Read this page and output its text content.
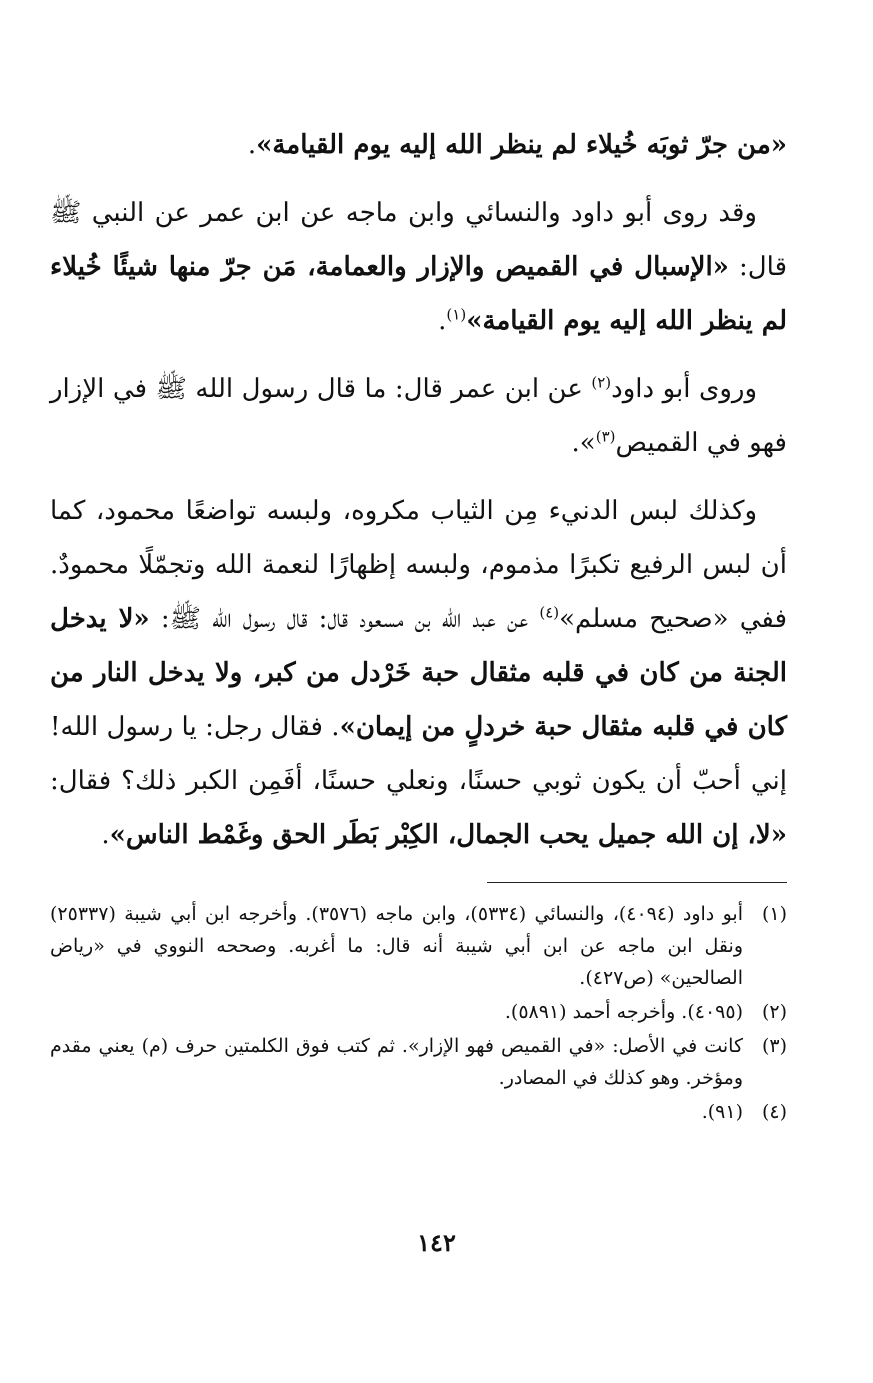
«من جرّ ثوبَه خُيلاء لم ينظر الله إليه يوم القيامة».

وقد روى أبو داود والنسائي وابن ماجه عن ابن عمر عن النبي ﷺ قال: «الإسبال في القميص والإزار والعمامة، مَن جرّ منها شيئًا خُيلاء لم ينظر الله إليه يوم القيامة»$^{(١)}$.

وروى أبو داود$^{(٢)}$ عن ابن عمر قال: ما قال رسول الله ﷺ في الإزار فهو في القميص$^{(٣)}$».

وكذلك لبس الدنيء مِن الثياب مكروه، ولبسه تواضعًا محمود، كما أن لبس الرفيع تكبرًا مذموم، ولبسه إظهارًا لنعمة الله وتجمّلًا محمودٌ. ففي «صحيح مسلم»$^{(٤)}$ عن عبد الله بن مسعود قال: قال رسول الله ﷺ: «لا يدخل الجنة من كان في قلبه مثقال حبة خَرْدل من كبر، ولا يدخل النار من كان في قلبه مثقال حبة خردلٍ من إيمان». فقال رجل: يا رسول الله! إني أحبّ أن يكون ثوبي حسنًا، ونعلي حسنًا، أفَمِن الكبر ذلك؟ فقال: «لا، إن الله جميل يحب الجمال، الكِبْر بَطَر الحق وغَمْط الناس».

(١)
أبو داود (٤٠٩٤)، والنسائي (٥٣٣٤)، وابن ماجه (٣٥٧٦). وأخرجه ابن أبي شيبة (٢٥٣٣٧) ونقل ابن ماجه عن ابن أبي شيبة أنه قال: ما أغربه. وصححه النووي في «رياض الصالحين» (ص٤٢٧).
(٢)
(٤٠٩٥). وأخرجه أحمد (٥٨٩١).
(٣)
كانت في الأصل: «في القميص فهو الإزار». ثم كتب فوق الكلمتين حرف (م) يعني مقدم ومؤخر. وهو كذلك في المصادر.
(٤)
(٩١).
١٤٢
